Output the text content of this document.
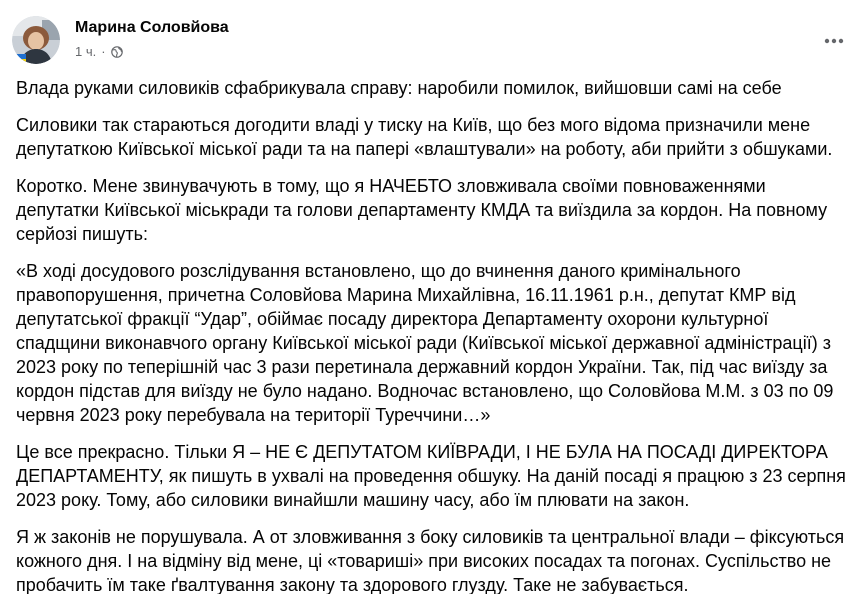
Марина Соловйова
1 ч. ·

Влада руками силовиків сфабрикувала справу: наробили помилок, вийшовши самі на себе

Силовики так стараються догодити владі у тиску на Київ, що без мого відома призначили мене депутаткою Київської міської ради та на папері «влаштували» на роботу, аби прийти з обшуками.

Коротко. Мене звинувачують в тому, що я НАЧЕБТО зловживала своїми повноваженнями депутатки Київської міськради та голови департаменту КМДА та виїздила за кордон. На повному серйозі пишуть:

«В ході досудового розслідування встановлено, що до вчинення даного кримінального правопорушення, причетна Соловйова Марина Михайлівна, 16.11.1961 р.н., депутат КМР від депутатської фракції “Удар”, обіймає посаду директора Департаменту охорони культурної спадщини виконавчого органу Київської міської ради (Київської міської державної адміністрації) з 2023 року по теперішній час 3 рази перетинала державний кордон України. Так, під час виїзду за кордон підстав для виїзду не було надано. Водночас встановлено, що Соловйова М.М. з 03 по 09 червня 2023 року перебувала на території Туреччини…»

Це все прекрасно. Тільки Я – НЕ Є ДЕПУТАТОМ КИЇВРАДИ, І НЕ БУЛА НА ПОСАДІ ДИРЕКТОРА ДЕПАРТАМЕНТУ, як пишуть в ухвалі на проведення обшуку. На даній посаді я працюю з 23 серпня 2023 року. Тому, або силовики винайшли машину часу, або їм плювати на закон.

Я ж законів не порушувала. А от зловживання з боку силовиків та центральної влади – фіксуються кожного дня. І на відміну від мене, ці «товариші» при високих посадах та погонах. Суспільство не пробачить їм таке ґвалтування закону та здорового глузду. Таке не забувається.
